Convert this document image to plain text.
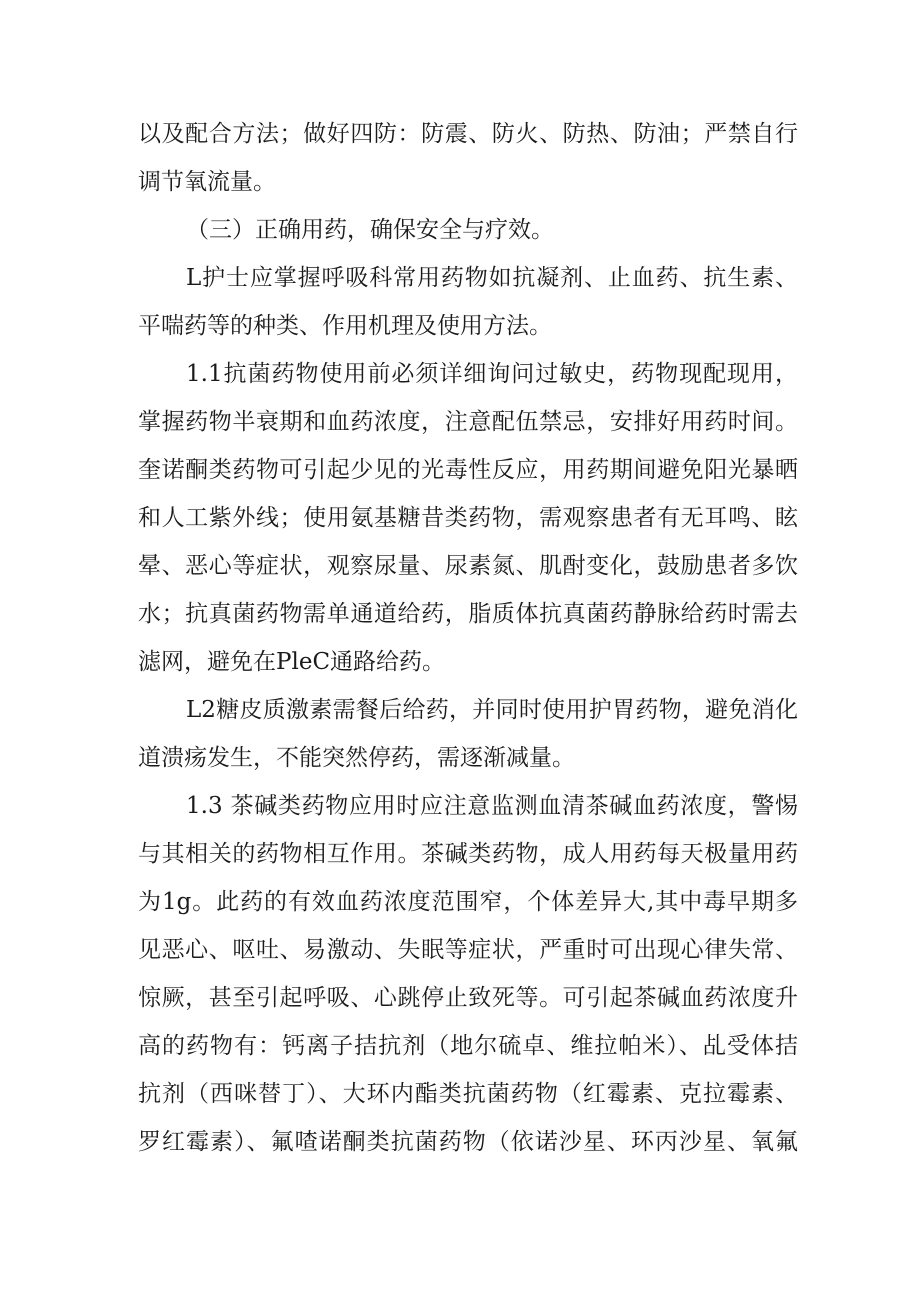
以及配合方法；做好四防：防震、防火、防热、防油；严禁自行
调节氧流量。
（三）正确用药，确保安全与疗效。
L护士应掌握呼吸科常用药物如抗凝剂、止血药、抗生素、
平喘药等的种类、作用机理及使用方法。
1.1抗菌药物使用前必须详细询问过敏史，药物现配现用，
掌握药物半衰期和血药浓度，注意配伍禁忌，安排好用药时间。
奎诺酮类药物可引起少见的光毒性反应，用药期间避免阳光暴晒
和人工紫外线；使用氨基糖昔类药物，需观察患者有无耳鸣、眩
晕、恶心等症状，观察尿量、尿素氮、肌酎变化，鼓励患者多饮
水；抗真菌药物需单通道给药，脂质体抗真菌药静脉给药时需去
滤网，避免在PleC通路给药。
L2糖皮质激素需餐后给药，并同时使用护胃药物，避免消化
道溃疡发生，不能突然停药，需逐渐减量。
1.3 茶碱类药物应用时应注意监测血清茶碱血药浓度，警惕
与其相关的药物相互作用。茶碱类药物，成人用药每天极量用药
为1g。此药的有效血药浓度范围窄，个体差异大,其中毒早期多
见恶心、呕吐、易激动、失眠等症状，严重时可出现心律失常、
惊厥，甚至引起呼吸、心跳停止致死等。可引起茶碱血药浓度升
高的药物有：钙离子拮抗剂（地尔硫卓、维拉帕米）、乩受体拮
抗剂（西咪替丁）、大环内酯类抗菌药物（红霉素、克拉霉素、
罗红霉素）、氟喳诺酮类抗菌药物（依诺沙星、环丙沙星、氧氟
